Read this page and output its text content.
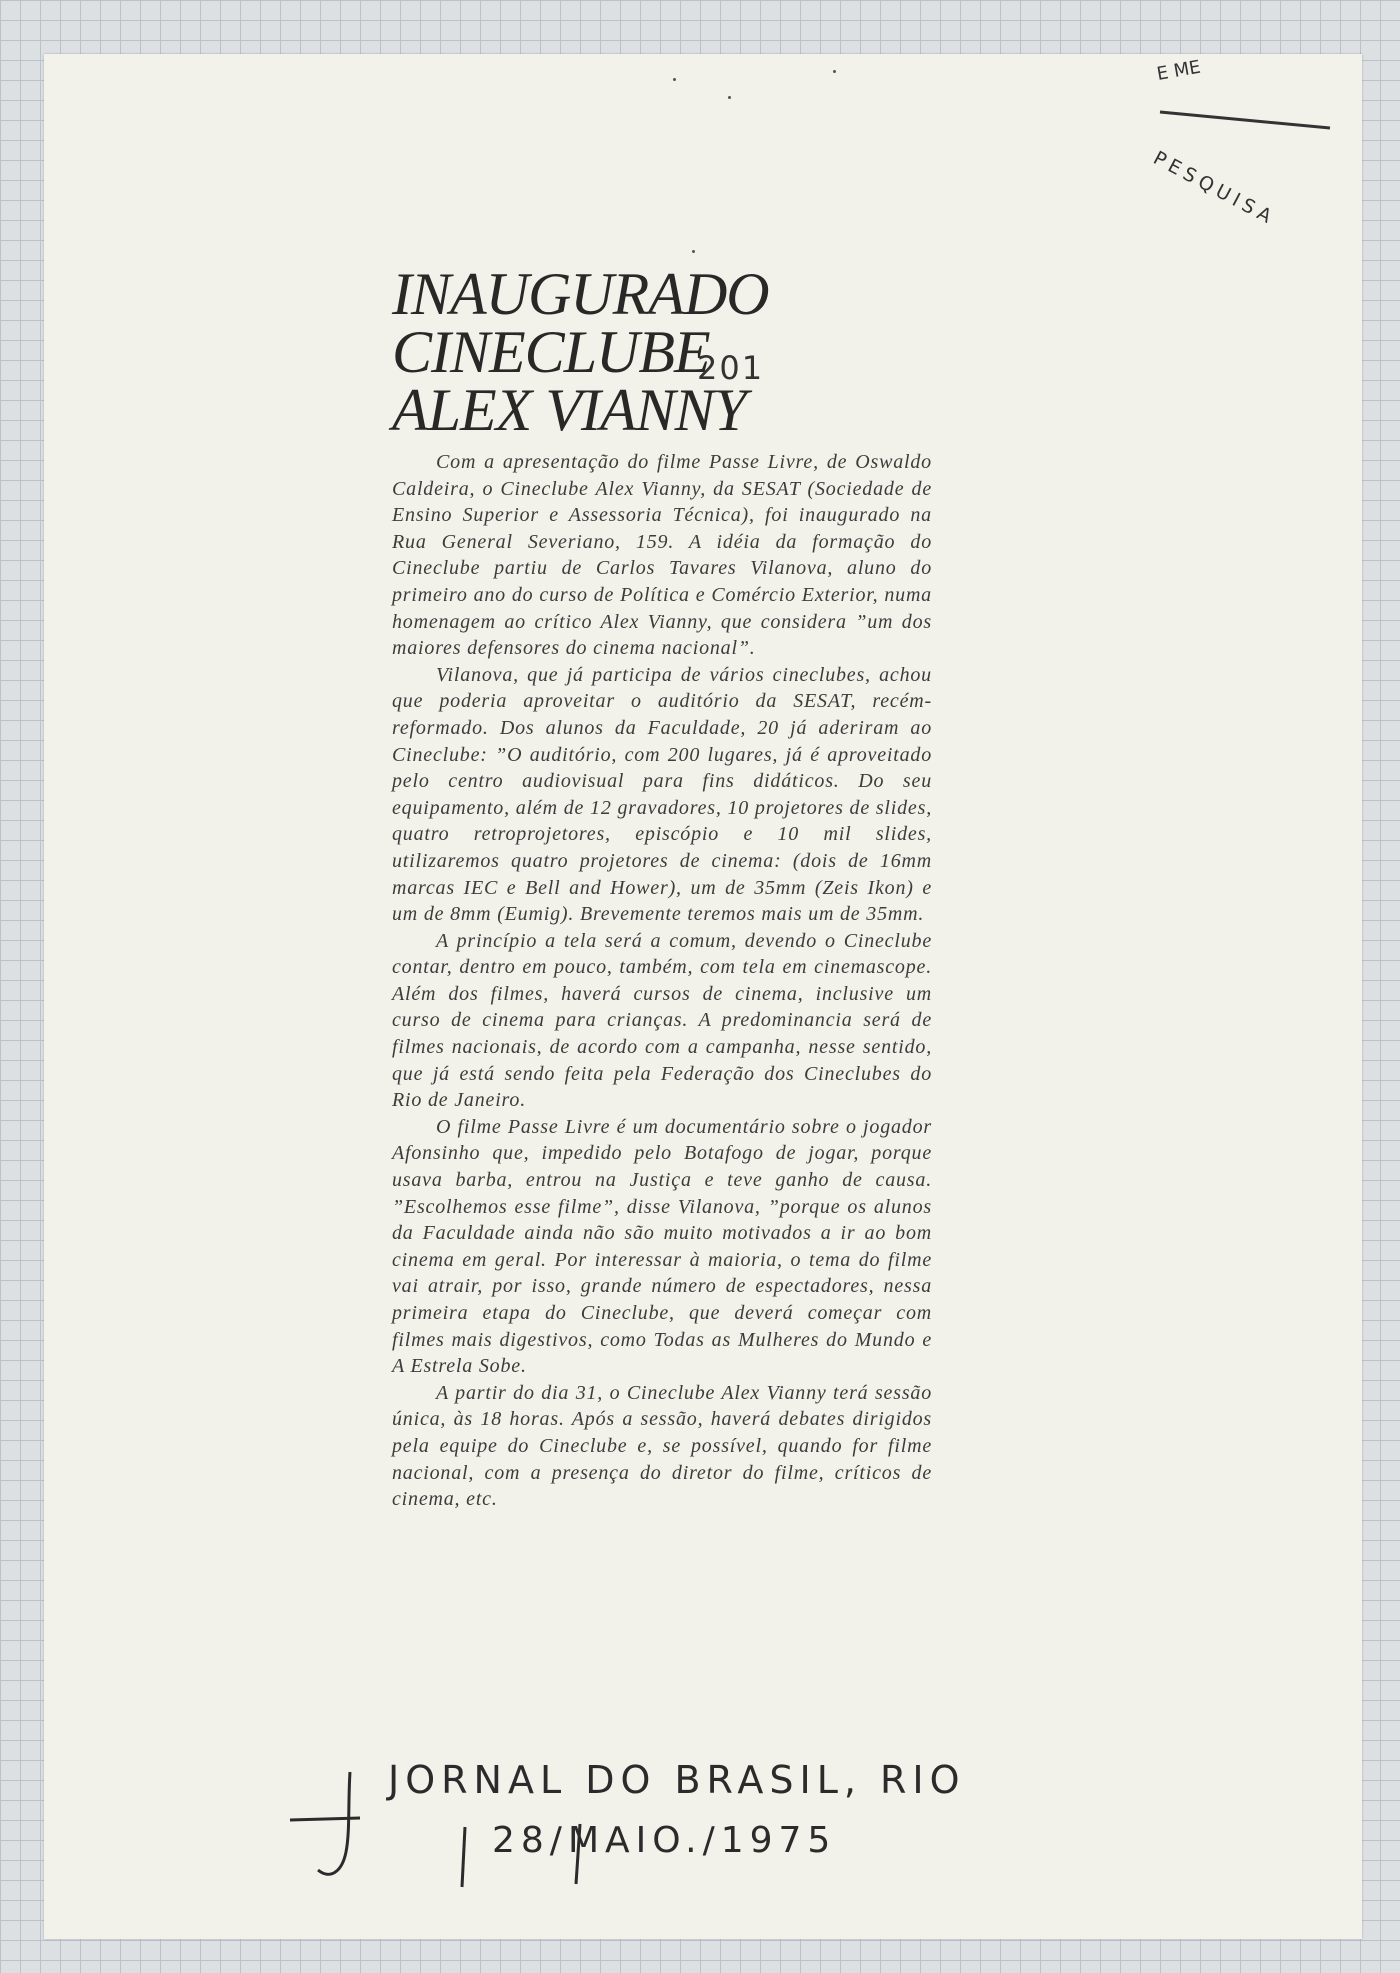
E ME
PESQUISA
INAUGURADO
CINECLUBE
ALEX VIANNY
201

Com a apresentação do filme Passe Livre, de Oswaldo Caldeira, o Cineclube Alex Vianny, da SESAT (Sociedade de Ensino Superior e Assessoria Técnica), foi inaugurado na Rua General Severiano, 159. A idéia da formação do Cineclube partiu de Carlos Tavares Vilanova, aluno do primeiro ano do curso de Política e Comércio Exterior, numa homenagem ao crítico Alex Vianny, que considera ”um dos maiores defensores do cinema nacional”.

Vilanova, que já participa de vários cineclubes, achou que poderia aproveitar o auditório da SESAT, recém-reformado. Dos alunos da Faculdade, 20 já aderiram ao Cineclube: ”O auditório, com 200 lugares, já é aproveitado pelo centro audiovisual para fins didáticos. Do seu equipamento, além de 12 gravadores, 10 projetores de slides, quatro retroprojetores, episcópio e 10 mil slides, utilizaremos quatro projetores de cinema: (dois de 16mm marcas IEC e Bell and Hower), um de 35mm (Zeis Ikon) e um de 8mm (Eumig). Brevemente teremos mais um de 35mm.

A princípio a tela será a comum, devendo o Cineclube contar, dentro em pouco, também, com tela em cinemascope. Além dos filmes, haverá cursos de cinema, inclusive um curso de cinema para crianças. A predominancia será de filmes nacionais, de acordo com a campanha, nesse sentido, que já está sendo feita pela Federação dos Cineclubes do Rio de Janeiro.

O filme Passe Livre é um documentário sobre o jogador Afonsinho que, impedido pelo Botafogo de jogar, porque usava barba, entrou na Justiça e teve ganho de causa. ”Escolhemos esse filme”, disse Vilanova, ”porque os alunos da Faculdade ainda não são muito motivados a ir ao bom cinema em geral. Por interessar à maioria, o tema do filme vai atrair, por isso, grande número de espectadores, nessa primeira etapa do Cineclube, que deverá começar com filmes mais digestivos, como Todas as Mulheres do Mundo e A Estrela Sobe.

A partir do dia 31, o Cineclube Alex Vianny terá sessão única, às 18 horas. Após a sessão, haverá debates dirigidos pela equipe do Cineclube e, se possível, quando for filme nacional, com a presença do diretor do filme, críticos de cinema, etc.

JORNAL DO BRASIL, RIO
28/MAIO./1975
